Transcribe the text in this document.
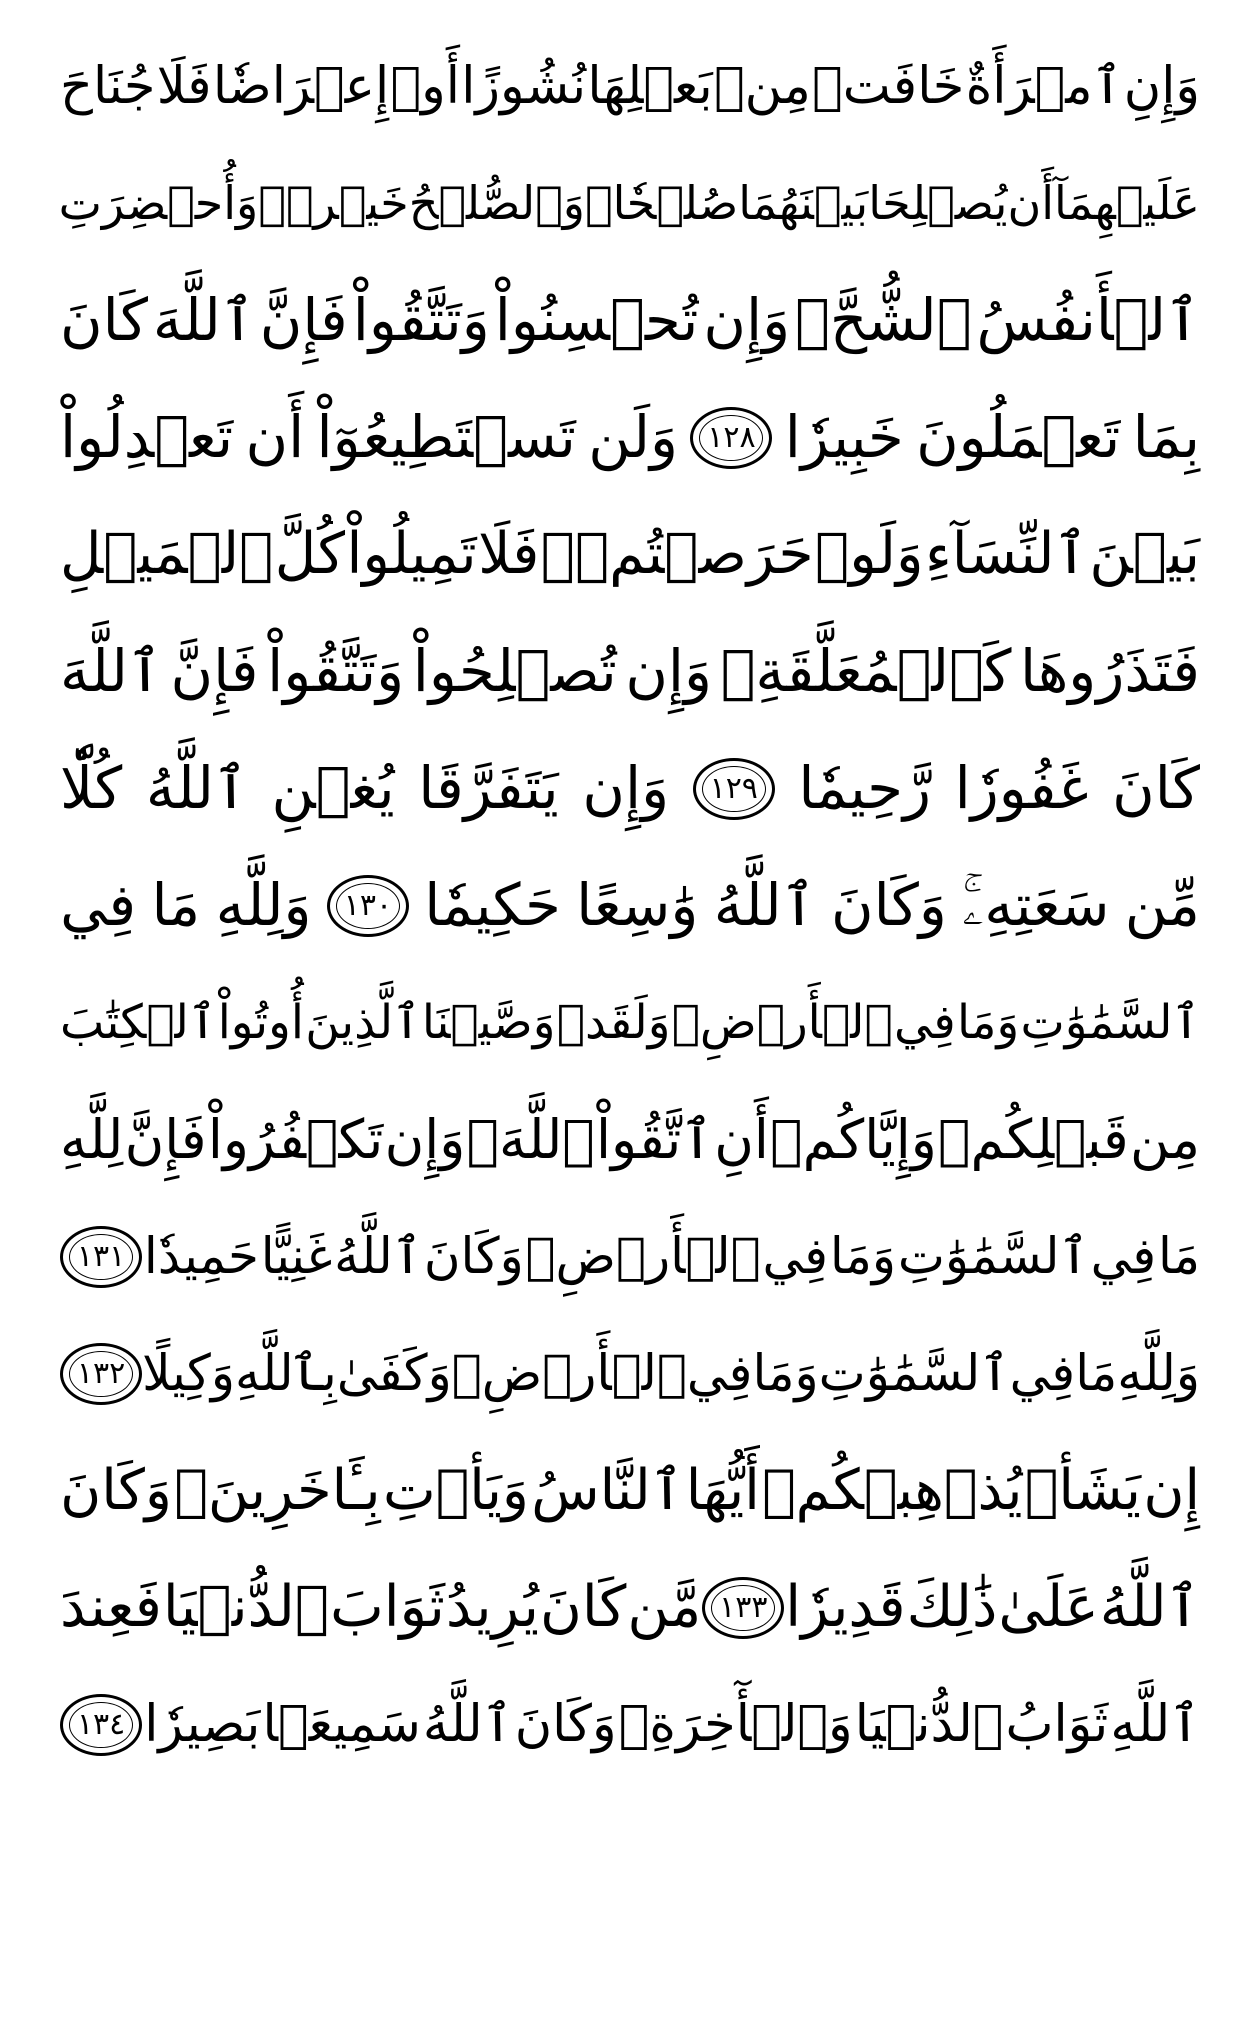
وَإِنِ
ٱمۡرَأَةٌ
خَافَتۡ
مِنۢ
بَعۡلِهَا
نُشُوزًا
أَوۡ
إِعۡرَاضٗا
فَلَا
جُنَاحَ
عَلَيۡهِمَآ
أَن
يُصۡلِحَا
بَيۡنَهُمَا
صُلۡحٗاۚ
وَٱلصُّلۡحُ
خَيۡرٞۗ
وَأُحۡضِرَتِ
ٱلۡأَنفُسُ
ٱلشُّحَّۚ
وَإِن
تُحۡسِنُواْ
وَتَتَّقُواْ
فَإِنَّ
ٱللَّهَ
كَانَ
بِمَا
تَعۡمَلُونَ
خَبِيرٗا
١٢٨
وَلَن
تَسۡتَطِيعُوٓاْ
أَن
تَعۡدِلُواْ
بَيۡنَ
ٱلنِّسَآءِ
وَلَوۡ
حَرَصۡتُمۡۖ
فَلَا
تَمِيلُواْ
كُلَّ
ٱلۡمَيۡلِ
فَتَذَرُوهَا
كَٱلۡمُعَلَّقَةِۚ
وَإِن
تُصۡلِحُواْ
وَتَتَّقُواْ
فَإِنَّ
ٱللَّهَ
كَانَ
غَفُورٗا
رَّحِيمٗا
١٢٩
وَإِن
يَتَفَرَّقَا
يُغۡنِ
ٱللَّهُ
كُلّٗا
مِّن
سَعَتِهِۦۚ
وَكَانَ
ٱللَّهُ
وَٰسِعًا
حَكِيمٗا
١٣٠
وَلِلَّهِ
مَا
فِي
ٱلسَّمَٰوَٰتِ
وَمَا
فِي
ٱلۡأَرۡضِۗ
وَلَقَدۡ
وَصَّيۡنَا
ٱلَّذِينَ
أُوتُواْ
ٱلۡكِتَٰبَ
مِن
قَبۡلِكُمۡ
وَإِيَّاكُمۡ
أَنِ
ٱتَّقُواْ
ٱللَّهَۚ
وَإِن
تَكۡفُرُواْ
فَإِنَّ
لِلَّهِ
مَا
فِي
ٱلسَّمَٰوَٰتِ
وَمَا
فِي
ٱلۡأَرۡضِۚ
وَكَانَ
ٱللَّهُ
غَنِيًّا
حَمِيدٗا
١٣١
وَلِلَّهِ
مَا
فِي
ٱلسَّمَٰوَٰتِ
وَمَا
فِي
ٱلۡأَرۡضِۚ
وَكَفَىٰ
بِٱللَّهِ
وَكِيلًا
١٣٢
إِن
يَشَأۡ
يُذۡهِبۡكُمۡ
أَيُّهَا
ٱلنَّاسُ
وَيَأۡتِ
بِـَٔاخَرِينَۚ
وَكَانَ
ٱللَّهُ
عَلَىٰ
ذَٰلِكَ
قَدِيرٗا
١٣٣
مَّن
كَانَ
يُرِيدُ
ثَوَابَ
ٱلدُّنۡيَا
فَعِندَ
ٱللَّهِ
ثَوَابُ
ٱلدُّنۡيَا
وَٱلۡأٓخِرَةِۚ
وَكَانَ
ٱللَّهُ
سَمِيعَۢا
بَصِيرٗا
١٣٤
